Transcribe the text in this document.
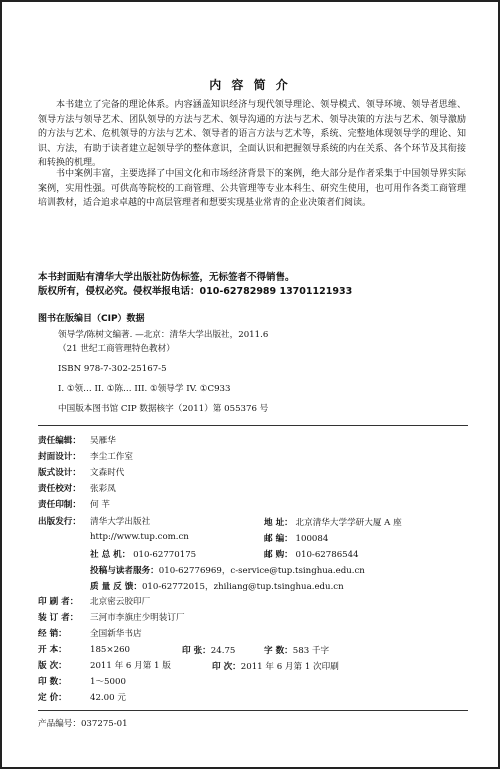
内 容 简 介
本书建立了完备的理论体系。内容涵盖知识经济与现代领导理论、领导模式、领导环境、领导者思维、领导方法与领导艺术、团队领导的方法与艺术、领导沟通的方法与艺术、领导决策的方法与艺术、领导激励的方法与艺术、危机领导的方法与艺术、领导者的语言方法与艺术等，系统、完整地体现领导学的理论、知识、方法，有助于读者建立起领导学的整体意识，全面认识和把握领导系统的内在关系、各个环节及其衔接和转换的机理。
书中案例丰富，主要选择了中国文化和市场经济背景下的案例，绝大部分是作者采集于中国领导界实际案例，实用性强。可供高等院校的工商管理、公共管理等专业本科生、研究生使用，也可用作各类工商管理培训教材，适合追求卓越的中高层管理者和想要实现基业常青的企业决策者们阅读。
本书封面贴有清华大学出版社防伪标签，无标签者不得销售。
版权所有，侵权必究。侵权举报电话：010-62782989 13701121933
图书在版编目（CIP）数据
领导学/陈树文编著. —北京：清华大学出版社，2011.6
（21 世纪工商管理特色教材）
ISBN 978-7-302-25167-5
I. ①领… II. ①陈… III. ①领导学 IV. ①C933
中国版本图书馆 CIP 数据核字（2011）第 055376 号
责任编辑： 吴雁华
封面设计： 李尘工作室
版式设计： 文森时代
责任校对： 张彩凤
责任印制： 何 芊
出版发行： 清华大学出版社	地 址： 北京清华大学学研大厦 A 座
http://www.tup.com.cn	邮 编： 100084
社 总 机： 010-62770175	邮 购： 010-62786544
投稿与读者服务：010-62776969，c-service@tup.tsinghua.edu.cn
质 量 反 馈：010-62772015，zhiliang@tup.tsinghua.edu.cn
印 刷 者： 北京密云胶印厂
装 订 者： 三河市李旗庄少明装订厂
经 销：	全国新华书店
开 本：	185×260	印 张：24.75	字 数：583 千字
版 次：	2011 年 6 月第 1 版	印 次：2011 年 6 月第 1 次印刷
印 数：	1～5000
定 价：	42.00 元
产品编号：037275-01
